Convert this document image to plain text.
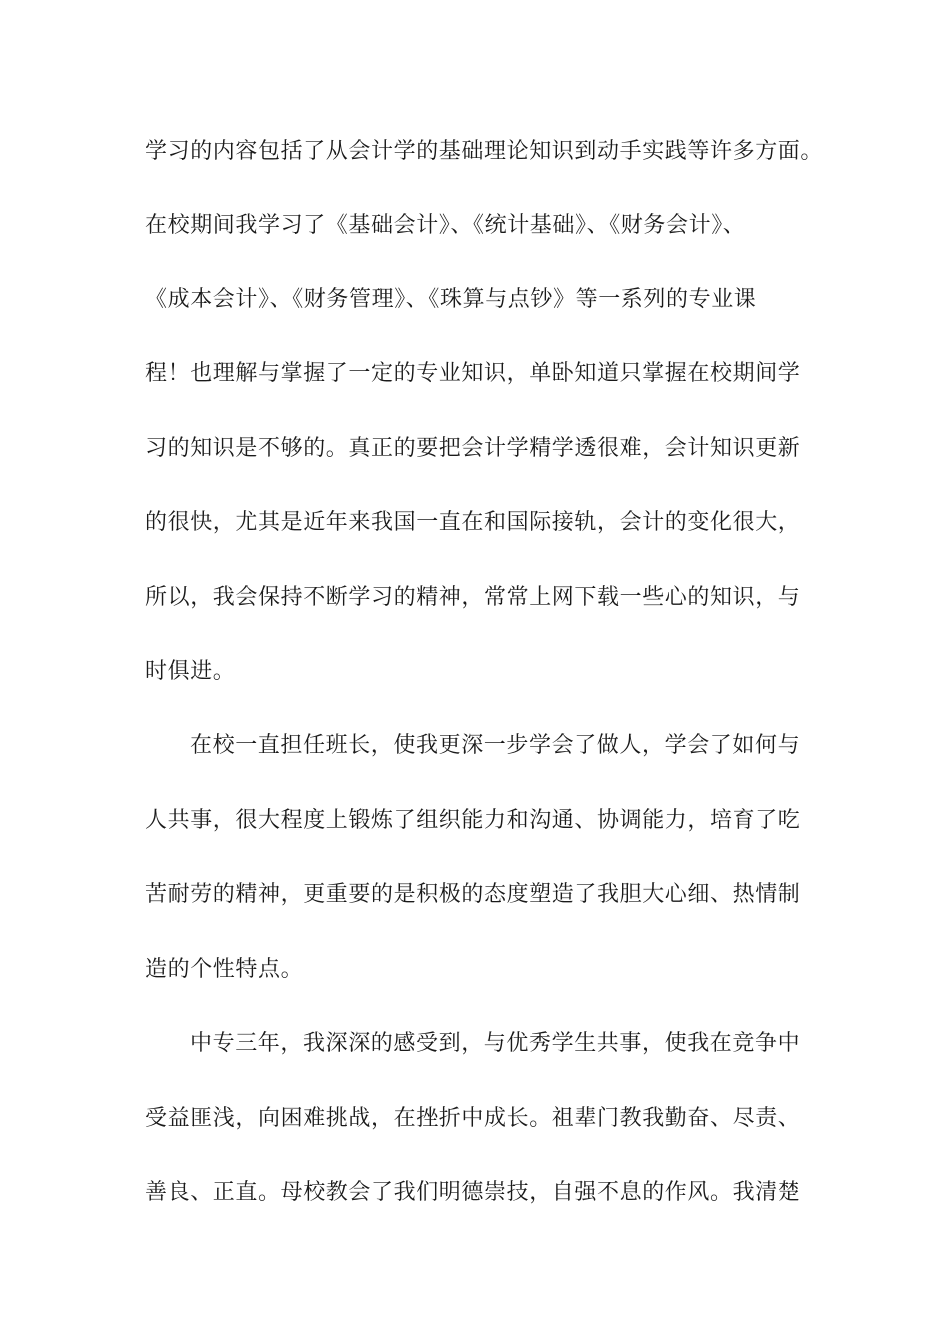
学习的内容包括了从会计学的基础理论知识到动手实践等许多方面。
在校期间我学习了《基础会计》、《统计基础》、《财务会计》、
《成本会计》、《财务管理》、《珠算与点钞》等一系列的专业课
程！也理解与掌握了一定的专业知识，单卧知道只掌握在校期间学
习的知识是不够的。真正的要把会计学精学透很难，会计知识更新
的很快，尤其是近年来我国一直在和国际接轨，会计的变化很大，
所以，我会保持不断学习的精神，常常上网下载一些心的知识，与
时俱进。
在校一直担任班长，使我更深一步学会了做人，学会了如何与
人共事，很大程度上锻炼了组织能力和沟通、协调能力，培育了吃
苦耐劳的精神，更重要的是积极的态度塑造了我胆大心细、热情制
造的个性特点。
中专三年，我深深的感受到，与优秀学生共事，使我在竞争中
受益匪浅，向困难挑战，在挫折中成长。祖辈门教我勤奋、尽责、
善良、正直。母校教会了我们明德崇技，自强不息的作风。我清楚
